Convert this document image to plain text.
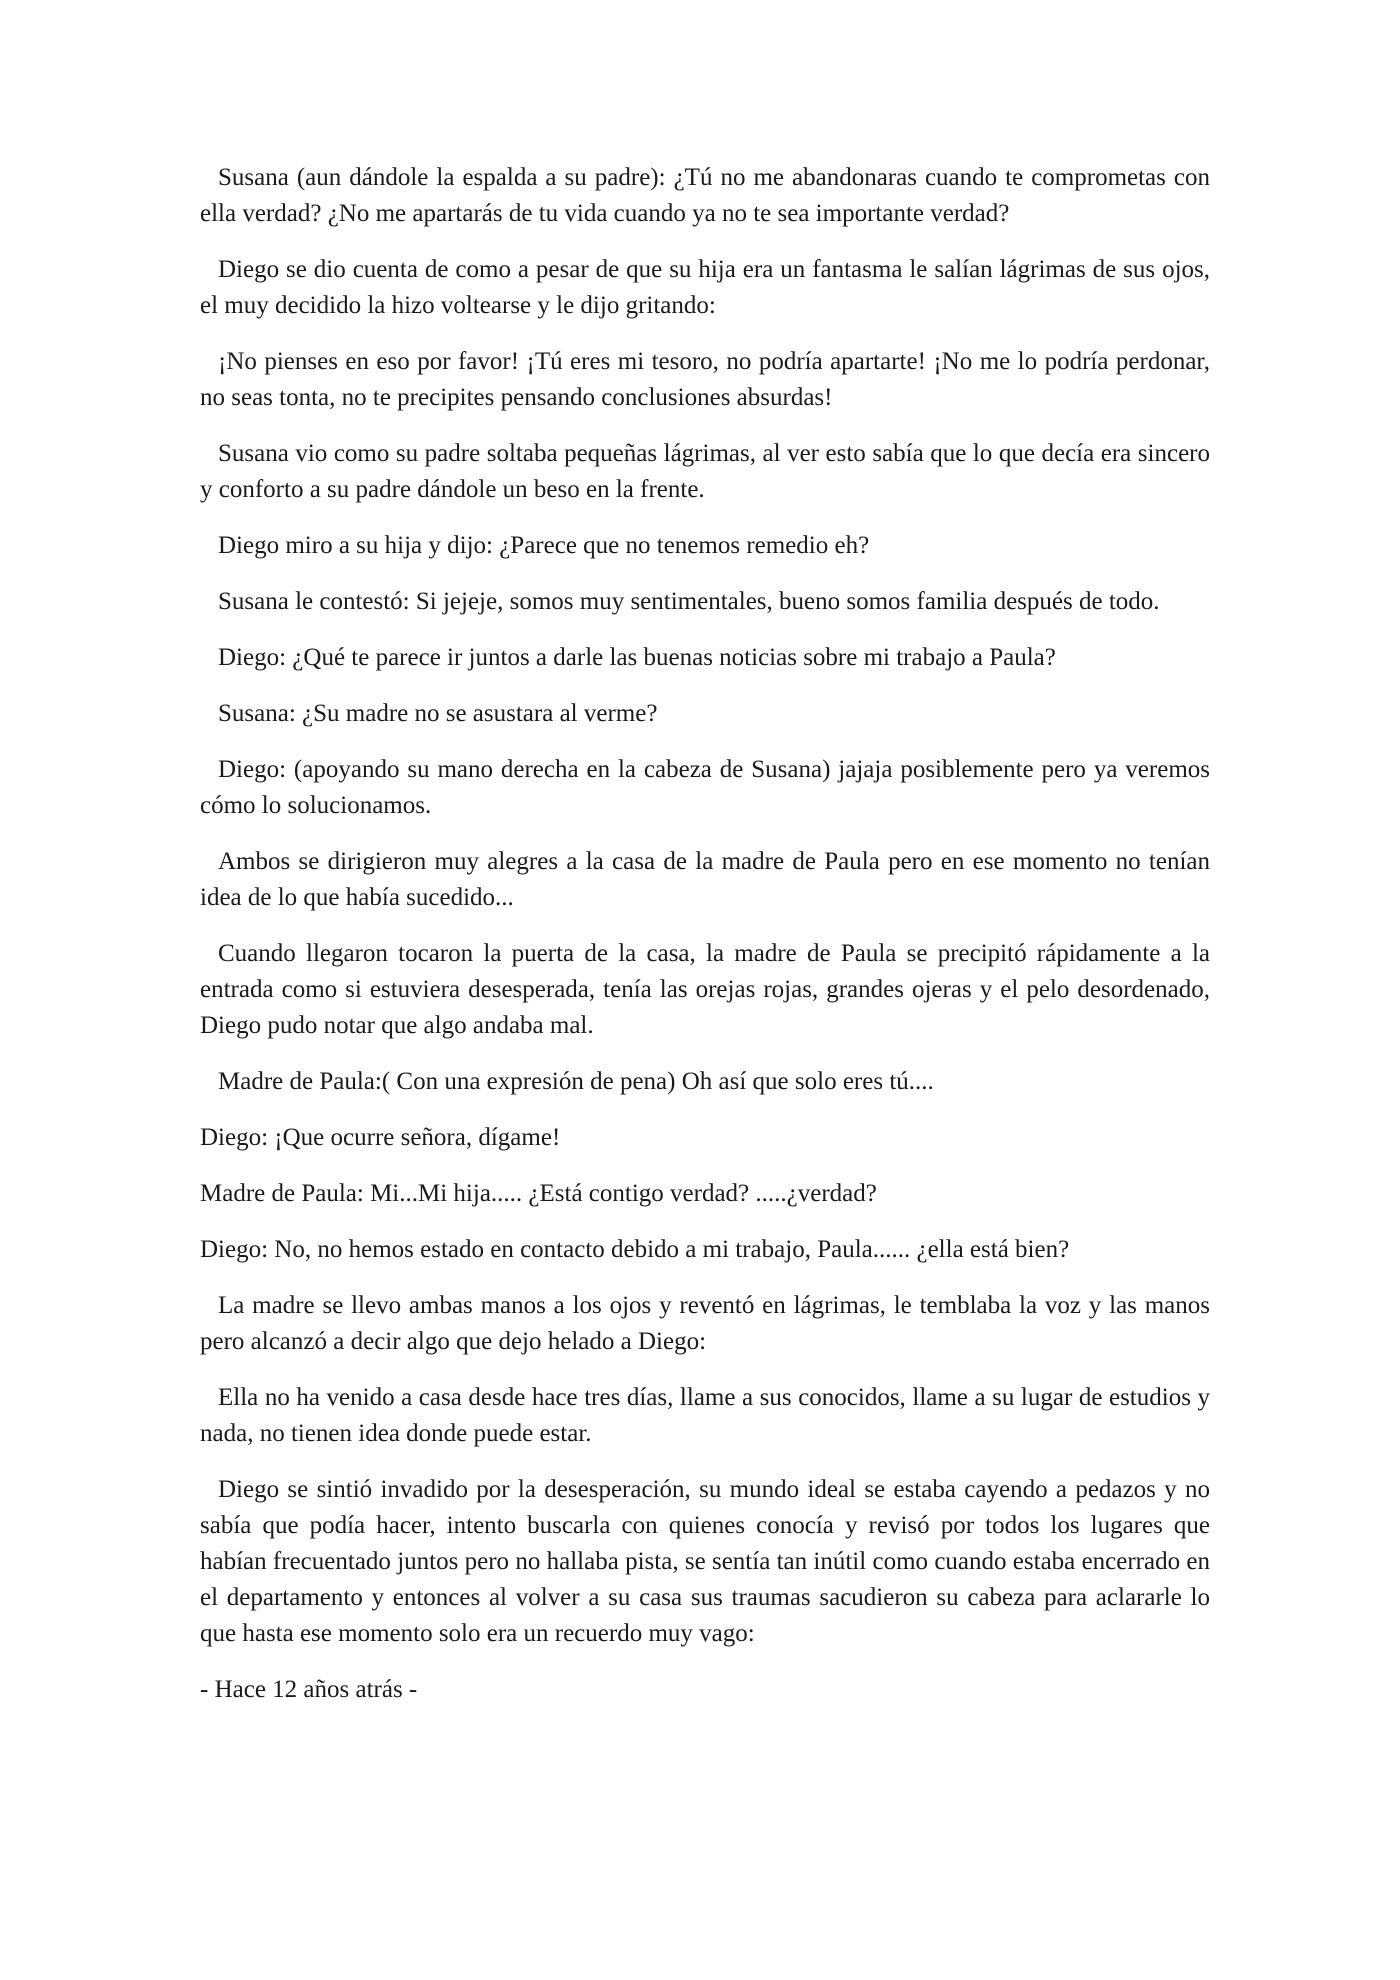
Susana (aun dándole la espalda a su padre): ¿Tú no me abandonaras cuando te comprometas con ella verdad? ¿No me apartarás de tu vida cuando ya no te sea importante verdad?

Diego se dio cuenta de como a pesar de que su hija era un fantasma le salían lágrimas de sus ojos, el muy decidido la hizo voltearse y le dijo gritando:

¡No pienses en eso por favor! ¡Tú eres mi tesoro, no podría apartarte! ¡No me lo podría perdonar, no seas tonta, no te precipites pensando conclusiones absurdas!

Susana vio como su padre soltaba pequeñas lágrimas, al ver esto sabía que lo que decía era sincero y conforto a su padre dándole un beso en la frente.

Diego miro a su hija y dijo: ¿Parece que no tenemos remedio eh?

Susana le contestó: Si jejeje, somos muy sentimentales, bueno somos familia después de todo.

Diego: ¿Qué te parece ir juntos a darle las buenas noticias sobre mi trabajo a Paula?

Susana: ¿Su madre no se asustara al verme?

Diego: (apoyando su mano derecha en la cabeza de Susana) jajaja posiblemente pero ya veremos cómo lo solucionamos.

Ambos se dirigieron muy alegres a la casa de la madre de Paula pero en ese momento no tenían idea de lo que había sucedido...

Cuando llegaron tocaron la puerta de la casa, la madre de Paula se precipitó rápidamente a la entrada como si estuviera desesperada, tenía las orejas rojas, grandes ojeras y el pelo desordenado, Diego pudo notar que algo andaba mal.

Madre de Paula:( Con una expresión de pena) Oh así que solo eres tú....

Diego: ¡Que ocurre señora, dígame!

Madre de Paula: Mi...Mi hija..... ¿Está contigo verdad? .....¿verdad?

Diego: No, no hemos estado en contacto debido a mi trabajo, Paula...... ¿ella está bien?

La madre se llevo ambas manos a los ojos y reventó en lágrimas, le temblaba la voz y las manos pero alcanzó a decir algo que dejo helado a Diego:

Ella no ha venido a casa desde hace tres días, llame a sus conocidos, llame a su lugar de estudios y nada, no tienen idea donde puede estar.

Diego se sintió invadido por la desesperación, su mundo ideal se estaba cayendo a pedazos y no sabía que podía hacer, intento buscarla con quienes conocía y revisó por todos los lugares que habían frecuentado juntos pero no hallaba pista, se sentía tan inútil como cuando estaba encerrado en el departamento y entonces al volver a su casa sus traumas sacudieron su cabeza para aclararle lo que hasta ese momento solo era un recuerdo muy vago:

- Hace 12 años atrás -
